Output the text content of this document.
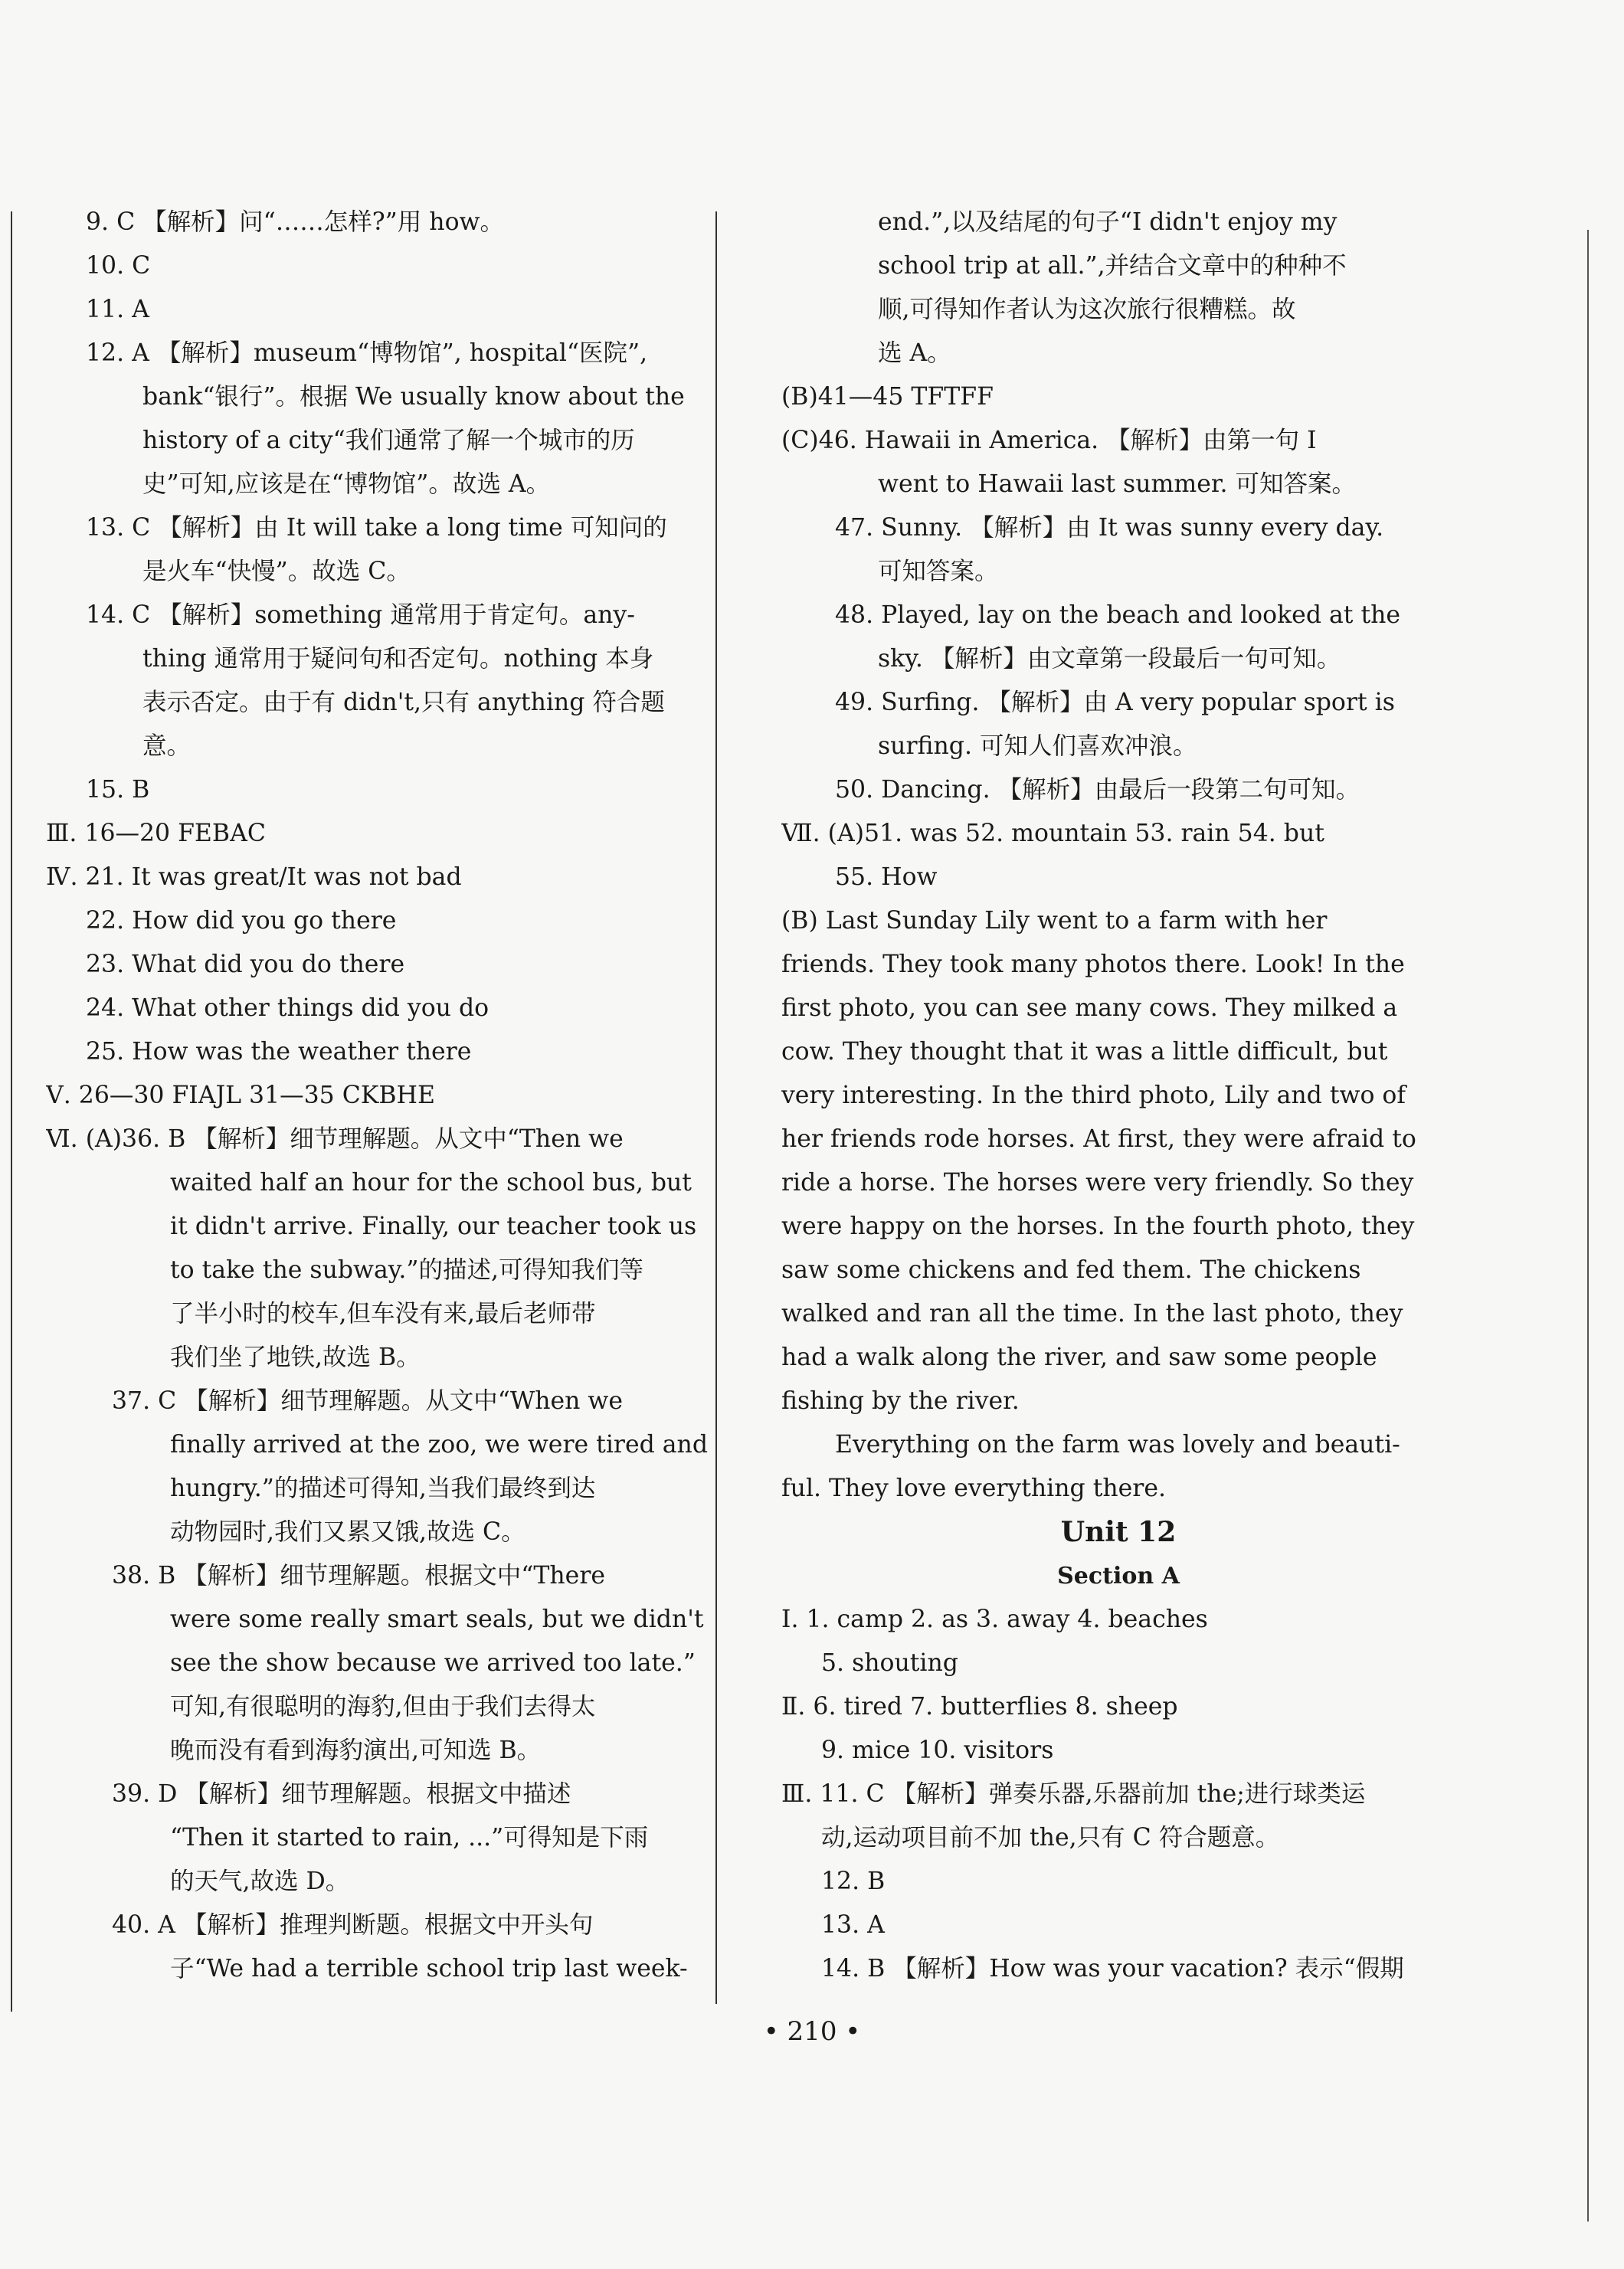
9. C 【解析】问“……怎样?”用 how。
10. C
11. A
12. A 【解析】museum“博物馆”, hospital“医院”,
bank“银行”。根据 We usually know about the
history of a city“我们通常了解一个城市的历
史”可知,应该是在“博物馆”。故选 A。
13. C 【解析】由 It will take a long time 可知问的
是火车“快慢”。故选 C。
14. C 【解析】something 通常用于肯定句。any-
thing 通常用于疑问句和否定句。nothing 本身
表示否定。由于有 didn't,只有 anything 符合题
意。
15. B
Ⅲ. 16—20 FEBAC
Ⅳ. 21. It was great/It was not bad
22. How did you go there
23. What did you do there
24. What other things did you do
25. How was the weather there
Ⅴ. 26—30 FIAJL 31—35 CKBHE
Ⅵ. (A)36. B 【解析】细节理解题。从文中“Then we
waited half an hour for the school bus, but
it didn't arrive. Finally, our teacher took us
to take the subway.”的描述,可得知我们等
了半小时的校车,但车没有来,最后老师带
我们坐了地铁,故选 B。
37. C 【解析】细节理解题。从文中“When we
finally arrived at the zoo, we were tired and
hungry.”的描述可得知,当我们最终到达
动物园时,我们又累又饿,故选 C。
38. B 【解析】细节理解题。根据文中“There
were some really smart seals, but we didn't
see the show because we arrived too late.”
可知,有很聪明的海豹,但由于我们去得太
晚而没有看到海豹演出,可知选 B。
39. D 【解析】细节理解题。根据文中描述
“Then it started to rain, ...”可得知是下雨
的天气,故选 D。
40. A 【解析】推理判断题。根据文中开头句
子“We had a terrible school trip last week-
end.”,以及结尾的句子“I didn't enjoy my
school trip at all.”,并结合文章中的种种不
顺,可得知作者认为这次旅行很糟糕。故
选 A。
(B)41—45 TFTFF
(C)46. Hawaii in America. 【解析】由第一句 I
went to Hawaii last summer. 可知答案。
47. Sunny. 【解析】由 It was sunny every day.
可知答案。
48. Played, lay on the beach and looked at the
sky. 【解析】由文章第一段最后一句可知。
49. Surfing. 【解析】由 A very popular sport is
surfing. 可知人们喜欢冲浪。
50. Dancing. 【解析】由最后一段第二句可知。
Ⅶ. (A)51. was 52. mountain 53. rain 54. but
55. How
(B) Last Sunday Lily went to a farm with her
friends. They took many photos there. Look! In the
first photo, you can see many cows. They milked a
cow. They thought that it was a little difficult, but
very interesting. In the third photo, Lily and two of
her friends rode horses. At first, they were afraid to
ride a horse. The horses were very friendly. So they
were happy on the horses. In the fourth photo, they
saw some chickens and fed them. The chickens
walked and ran all the time. In the last photo, they
had a walk along the river, and saw some people
fishing by the river.
Everything on the farm was lovely and beauti-
ful. They love everything there.
Unit 12
Section A
Ⅰ. 1. camp 2. as 3. away 4. beaches
5. shouting
Ⅱ. 6. tired 7. butterflies 8. sheep
9. mice 10. visitors
Ⅲ. 11. C 【解析】弹奏乐器,乐器前加 the;进行球类运
动,运动项目前不加 the,只有 C 符合题意。
12. B
13. A
14. B 【解析】How was your vacation? 表示“假期
• 210 •
